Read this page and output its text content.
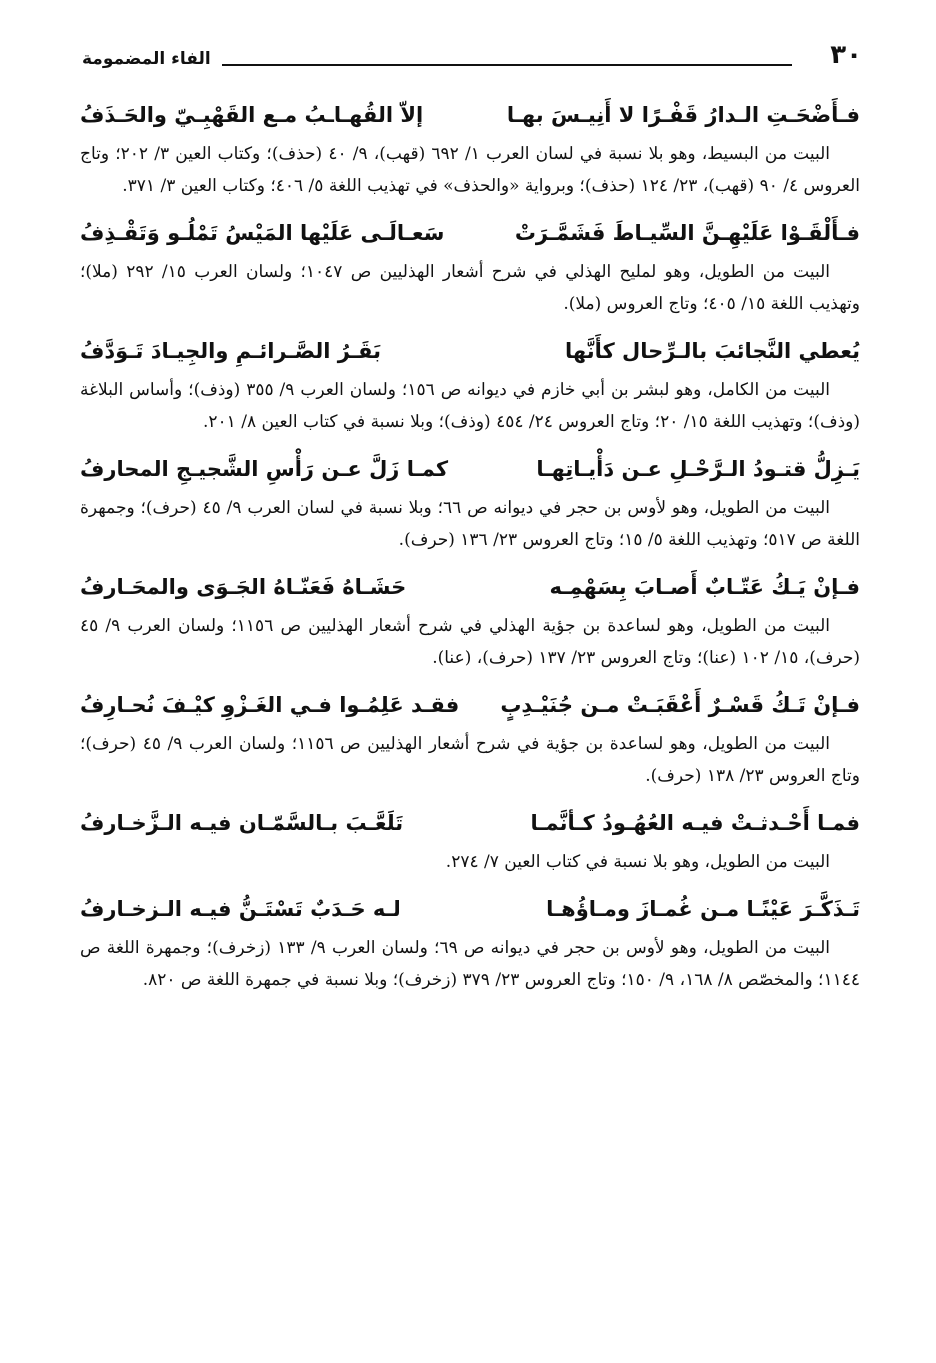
٣٠
الفاء المضمومة
فـأَضْحَـتِ الـدارُ قَفْـرًا لا أَنِيـسَ بهـا
إلاّ القُهـاـبُ مـع القَهْبِـيّ والحَـذَفُ

البيت من البسيط، وهو بلا نسبة في لسان العرب ١/ ٦٩٢ (قهب)، ٩/ ٤٠ (حذف)؛ وكتاب العين ٣/ ٢٠٢؛ وتاج العروس ٤/ ٩٠ (قهب)، ٢٣/ ١٢٤ (حذف)؛ وبرواية «والحذف» في تهذيب اللغة ٥/ ٤٠٦؛ وكتاب العين ٣/ ٣٧١.

فـأَلْقَـوْا عَلَيْهِـنَّ السِّيـاطَ فَشَمَّـرَتْ
سَعـالَـى عَلَيْها المَيْسُ تَمْلُـو وَتَقْـذِفُ

البيت من الطويل، وهو لمليح الهذلي في شرح أشعار الهذليين ص ١٠٤٧؛ ولسان العرب ١٥/ ٢٩٢ (ملا)؛ وتهذيب اللغة ١٥/ ٤٠٥؛ وتاج العروس (ملا).

يُعطي النَّجائبَ بالـرِّحال كأَنَّها
بَقَـرُ الصَّـرائـمِ والجِيـادَ تَـوَدَّفُ

البيت من الكامل، وهو لبشر بن أبي خازم في ديوانه ص ١٥٦؛ ولسان العرب ٩/ ٣٥٥ (وذف)؛ وأساس البلاغة (وذف)؛ وتهذيب اللغة ١٥/ ٢٠؛ وتاج العروس ٢٤/ ٤٥٤ (وذف)؛ وبلا نسبة في كتاب العين ٨/ ٢٠١.

يَـزِلُّ قتـودُ الـرَّحْـلِ عـن دَأْيـاتِهـا
كمـا زَلَّ عـن رَأْسِ الشَّجيـجِ المحارفُ

البيت من الطويل، وهو لأوس بن حجر في ديوانه ص ٦٦؛ وبلا نسبة في لسان العرب ٩/ ٤٥ (حرف)؛ وجمهرة اللغة ص ٥١٧؛ وتهذيب اللغة ٥/ ١٥؛ وتاج العروس ٢٣/ ١٣٦ (حرف).

فـإنْ يَـكُ عَتّـابٌ أَصـابَ بِسَهْمِـه
حَشَـاهُ فَعَنّـاهُ الجَـوَى والمحَـارفُ

البيت من الطويل، وهو لساعدة بن جؤية الهذلي في شرح أشعار الهذليين ص ١١٥٦؛ ولسان العرب ٩/ ٤٥ (حرف)، ١٥/ ١٠٢ (عنا)؛ وتاج العروس ٢٣/ ١٣٧ (حرف)، (عنا).

فـإنْ تَـكُ قَسْـرٌ أَعْقَبَـتْ مـن جُنَيْـدِبٍ
فقـد عَلِمُـوا فـي الغَـزْوِ كيْـفَ نُحـارِفُ

البيت من الطويل، وهو لساعدة بن جؤية في شرح أشعار الهذليين ص ١١٥٦؛ ولسان العرب ٩/ ٤٥ (حرف)؛ وتاج العروس ٢٣/ ١٣٨ (حرف).

فمـا أَحْـدثـتْ فيـه العُهُـودُ كـأنَّمـا
تَلَعَّـبَ بـالسَّمّـان فيـه الـزَّخـارفُ

البيت من الطويل، وهو بلا نسبة في كتاب العين ٧/ ٢٧٤.

تَـذَكَّـرَ عَيْنًـا مـن غُمـازَ ومـاؤُهـا
لـه حَـدَبٌ تَسْتَـنُّ فيـه الـزخـارفُ

البيت من الطويل، وهو لأوس بن حجر في ديوانه ص ٦٩؛ ولسان العرب ٩/ ١٣٣ (زخرف)؛ وجمهرة اللغة ص ١١٤٤؛ والمخصّص ٨/ ١٦٨، ٩/ ١٥٠؛ وتاج العروس ٢٣/ ٣٧٩ (زخرف)؛ وبلا نسبة في جمهرة اللغة ص ٨٢٠.
